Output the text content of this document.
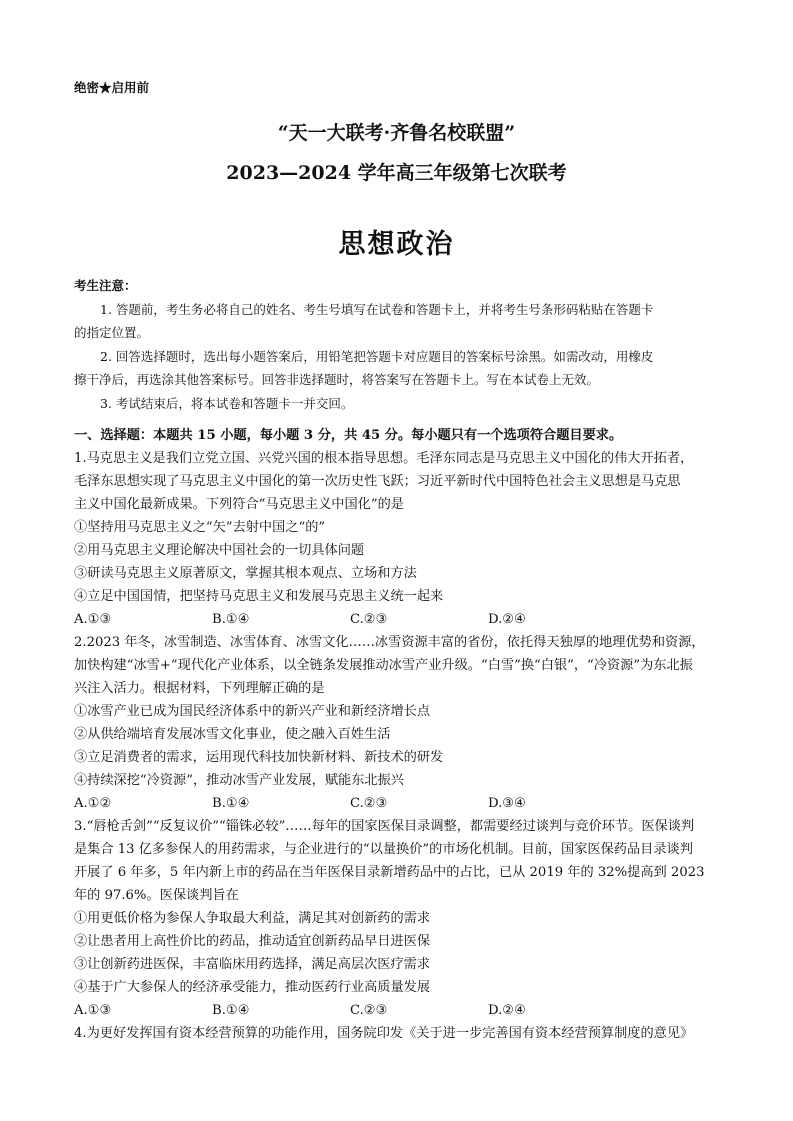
绝密★启用前
“天一大联考·齐鲁名校联盟”
2023—2024 学年高三年级第七次联考
思想政治

考生注意：

1. 答题前，考生务必将自己的姓名、考生号填写在试卷和答题卡上，并将考生号条形码粘贴在答题卡

的指定位置。

2. 回答选择题时，选出每小题答案后，用铅笔把答题卡对应题目的答案标号涂黑。如需改动，用橡皮

擦干净后，再选涂其他答案标号。回答非选择题时，将答案写在答题卡上。写在本试卷上无效。

3. 考试结束后，将本试卷和答题卡一并交回。

一、选择题：本题共 15 小题，每小题 3 分，共 45 分。每小题只有一个选项符合题目要求。

1.马克思主义是我们立党立国、兴党兴国的根本指导思想。毛泽东同志是马克思主义中国化的伟大开拓者，

毛泽东思想实现了马克思主义中国化的第一次历史性飞跃；习近平新时代中国特色社会主义思想是马克思

主义中国化最新成果。下列符合“马克思主义中国化”的是

①坚持用马克思主义之“矢”去射中国之“的”

②用马克思主义理论解决中国社会的一切具体问题

③研读马克思主义原著原文，掌握其根本观点、立场和方法

④立足中国国情，把坚持马克思主义和发展马克思主义统一起来

A.①③	B.①④	C.②③	D.②④

2.2023 年冬，冰雪制造、冰雪体育、冰雪文化……冰雪资源丰富的省份，依托得天独厚的地理优势和资源，

加快构建“冰雪+”现代化产业体系，以全链条发展推动冰雪产业升级。“白雪”换“白银”，“冷资源”为东北振

兴注入活力。根据材料，下列理解正确的是

①冰雪产业已成为国民经济体系中的新兴产业和新经济增长点

②从供给端培育发展冰雪文化事业，使之融入百姓生活

③立足消费者的需求，运用现代科技加快新材料、新技术的研发

④持续深挖“冷资源”，推动冰雪产业发展，赋能东北振兴

A.①②	B.①④	C.②③	D.③④

3.“唇枪舌剑”“反复议价”“锱铢必较”……每年的国家医保目录调整，都需要经过谈判与竞价环节。医保谈判

是集合 13 亿多参保人的用药需求，与企业进行的“以量换价”的市场化机制。目前，国家医保药品目录谈判

开展了 6 年多，5 年内新上市的药品在当年医保目录新增药品中的占比，已从 2019 年的 32%提高到 2023

年的 97.6%。医保谈判旨在

①用更低价格为参保人争取最大利益，满足其对创新药的需求

②让患者用上高性价比的药品，推动适宜创新药品早日进医保

③让创新药进医保，丰富临床用药选择，满足高层次医疗需求

④基于广大参保人的经济承受能力，推动医药行业高质量发展

A.①③	B.①④	C.②③	D.②④

4.为更好发挥国有资本经营预算的功能作用，国务院印发《关于进一步完善国有资本经营预算制度的意见》
